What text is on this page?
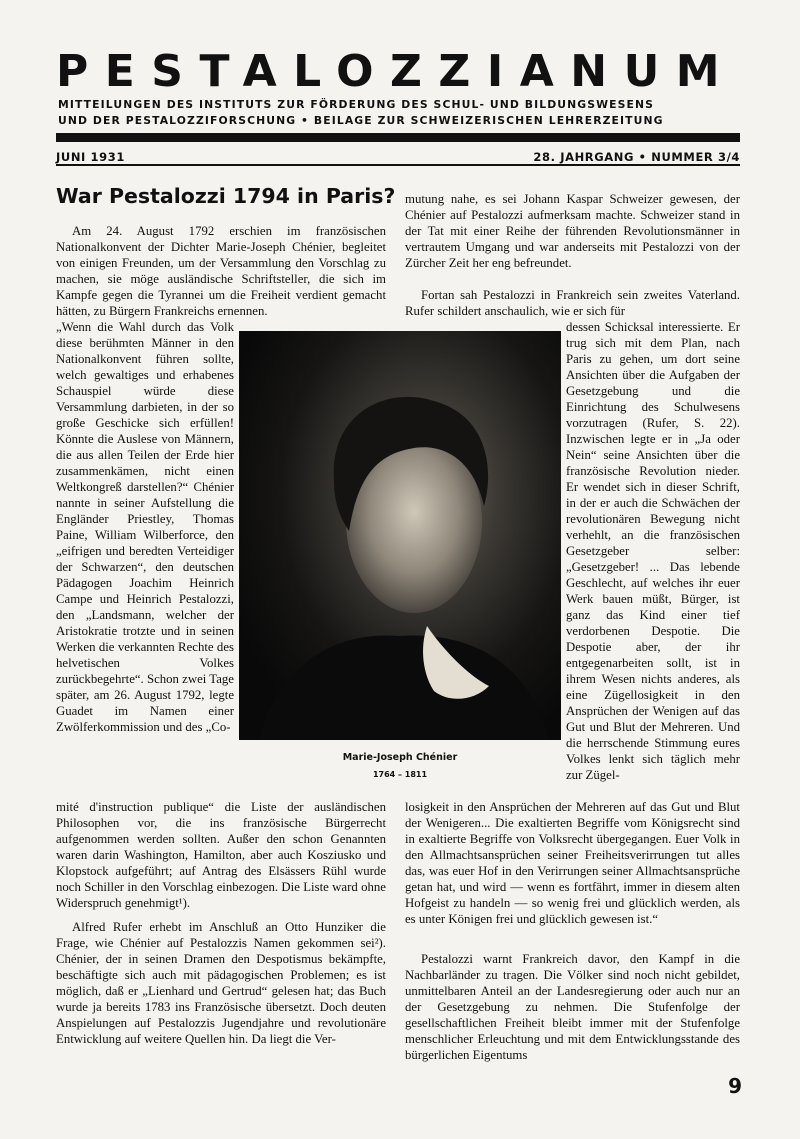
PESTALOZZIANUM
MITTEILUNGEN DES INSTITUTS ZUR FÖRDERUNG DES SCHUL- UND BILDUNGSWESENS
UND DER PESTALOZZIFORSCHUNG • BEILAGE ZUR SCHWEIZERISCHEN LEHRERZEITUNG
JUNI 1931	28. JAHRGANG • NUMMER 3/4
War Pestalozzi 1794 in Paris?
Am 24. August 1792 erschien im französischen Nationalkonvent der Dichter Marie-Joseph Chénier, begleitet von einigen Freunden, um der Versammlung den Vorschlag zu machen, sie möge ausländische Schriftsteller, die sich im Kampfe gegen die Tyrannei um die Freiheit verdient gemacht hätten, zu Bürgern Frankreichs ernennen.
„Wenn die Wahl durch das Volk diese berühmten Männer in den Nationalkonvent führen sollte, welch gewaltiges und erhabenes Schauspiel würde diese Versammlung darbieten, in der so große Geschicke sich erfüllen! Könnte die Auslese von Männern, die aus allen Teilen der Erde hier zusammenkämen, nicht einen Weltkongreß darstellen?“ Chénier nannte in seiner Aufstellung die Engländer Priestley, Thomas Paine, William Wilberforce, den „eifrigen und beredten Verteidiger der Schwarzen“, den deutschen Pädagogen Joachim Heinrich Campe und Heinrich Pestalozzi, den „Landsmann, welcher der Aristokratie trotzte und in seinen Werken die verkannten Rechte des helvetischen Volkes zurückbegehrte“. Schon zwei Tage später, am 26. August 1792, legte Guadet im Namen einer Zwölferkommission und des „Co-
mité d'instruction publique“ die Liste der ausländischen Philosophen vor, die ins französische Bürgerrecht aufgenommen werden sollten. Außer den schon Genannten waren darin Washington, Hamilton, aber auch Kosziusko und Klopstock aufgeführt; auf Antrag des Elsässers Rühl wurde noch Schiller in den Vorschlag einbezogen. Die Liste ward ohne Widerspruch genehmigt¹).
Alfred Rufer erhebt im Anschluß an Otto Hunziker die Frage, wie Chénier auf Pestalozzis Namen gekommen sei²). Chénier, der in seinen Dramen den Despotismus bekämpfte, beschäftigte sich auch mit pädagogischen Problemen; es ist möglich, daß er „Lienhard und Gertrud“ gelesen hat; das Buch wurde ja bereits 1783 ins Französische übersetzt. Doch deuten Anspielungen auf Pestalozzis Jugendjahre und revolutionäre Entwicklung auf weitere Quellen hin. Da liegt die Ver-
mutung nahe, es sei Johann Kaspar Schweizer gewesen, der Chénier auf Pestalozzi aufmerksam machte. Schweizer stand in der Tat mit einer Reihe der führenden Revolutionsmänner in vertrautem Umgang und war anderseits mit Pestalozzi von der Zürcher Zeit her eng befreundet.
Fortan sah Pestalozzi in Frankreich sein zweites Vaterland. Rufer schildert anschaulich, wie er sich für
dessen Schicksal interessierte. Er trug sich mit dem Plan, nach Paris zu gehen, um dort seine Ansichten über die Aufgaben der Gesetzgebung und die Einrichtung des Schulwesens vorzutragen (Rufer, S. 22). Inzwischen legte er in „Ja oder Nein“ seine Ansichten über die französische Revolution nieder. Er wendet sich in dieser Schrift, in der er auch die Schwächen der revolutionären Bewegung nicht verhehlt, an die französischen Gesetzgeber selber: „Gesetzgeber! ... Das lebende Geschlecht, auf welches ihr euer Werk bauen müßt, Bürger, ist ganz das Kind einer tief verdorbenen Despotie. Die Despotie aber, der ihr entgegenarbeiten sollt, ist in ihrem Wesen nichts anderes, als eine Zügellosigkeit in den Ansprüchen der Wenigen auf das Gut und Blut der Mehreren. Und die herrschende Stimmung eures Volkes lenkt sich täglich mehr zur Zügel-
losigkeit in den Ansprüchen der Mehreren auf das Gut und Blut der Wenigeren... Die exaltierten Begriffe vom Königsrecht sind in exaltierte Begriffe von Volksrecht übergegangen. Euer Volk in den Allmachtsansprüchen seiner Freiheitsverirrungen tut alles das, was euer Hof in den Verirrungen seiner Allmachtsansprüche getan hat, und wird — wenn es fortfährt, immer in diesem alten Hofgeist zu handeln — so wenig frei und glücklich werden, als es unter Königen frei und glücklich gewesen ist.“
Pestalozzi warnt Frankreich davor, den Kampf in die Nachbarländer zu tragen. Die Völker sind noch nicht gebildet, unmittelbaren Anteil an der Landesregierung oder auch nur an der Gesetzgebung zu nehmen. Die Stufenfolge der gesellschaftlichen Freiheit bleibt immer mit der Stufenfolge menschlicher Erleuchtung und mit dem Entwicklungsstande des bürgerlichen Eigentums
Marie-Joseph Chénier
1764 – 1811
9
